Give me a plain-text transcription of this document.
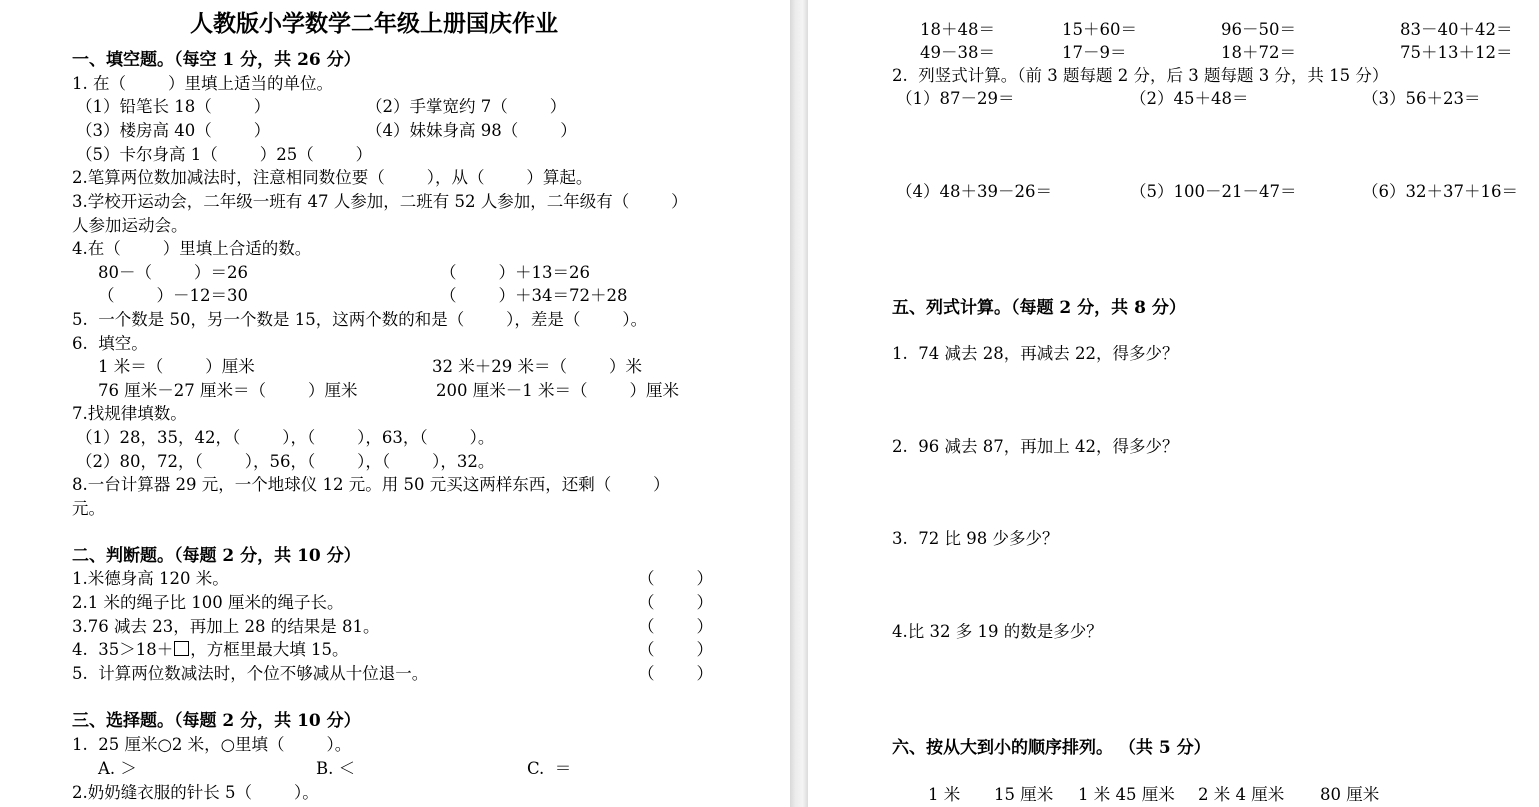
人教版小学数学二年级上册国庆作业
一、填空题。（每空 1 分，共 26 分）
1. 在（        ）里填上适当的单位。
（1）铅笔长 18（        ）	（2）手掌宽约 7（        ）
（3）楼房高 40（        ）	（4）妹妹身高 98（        ）
（5）卡尔身高 1（        ）25（        ）
2.笔算两位数加减法时，注意相同数位要（        ），从（        ）算起。
3.学校开运动会，二年级一班有 47 人参加，二班有 52 人参加，二年级有（        ）
人参加运动会。
4.在（        ）里填上合适的数。
80－（        ）＝26	（        ）＋13＝26
（        ）－12＝30	（        ）＋34＝72＋28
5.  一个数是 50，另一个数是 15，这两个数的和是（        ），差是（        ）。
6.  填空。
1 米＝（        ）厘米	32 米＋29 米＝（        ）米
76 厘米－27 厘米＝（        ）厘米	200 厘米－1 米＝（        ）厘米
7.找规律填数。
（1）28，35，42，（        ），（        ），63，（        ）。
（2）80，72，（        ），56，（        ），（        ），32。
8.一台计算器 29 元，一个地球仪 12 元。用 50 元买这两样东西，还剩（        ）
元。
二、判断题。（每题 2 分，共 10 分）
1.米德身高 120 米。	（        ）
2.1 米的绳子比 100 厘米的绳子长。	（        ）
3.76 减去 23，再加上 28 的结果是 81。	（        ）
4.  35＞18＋ ，方框里最大填 15。	（        ）
5.  计算两位数减法时，个位不够减从十位退一。	（        ）
三、选择题。（每题 2 分，共 10 分）
1.  25 厘米○2 米，○里填（        ）。
A. ＞	B. ＜	C.  ＝
2.奶奶缝衣服的针长 5（        ）。
18＋48＝	15＋60＝	96－50＝	83－40＋42＝
49－38＝	17－9＝	18＋72＝	75＋13＋12＝
2.  列竖式计算。（前 3 题每题 2 分，后 3 题每题 3 分，共 15 分）
（1）87－29＝	（2）45＋48＝	（3）56＋23＝
（4）48＋39－26＝	（5）100－21－47＝	（6）32＋37＋16＝
五、列式计算。（每题 2 分，共 8 分）
1.  74 减去 28，再减去 22，得多少？
2.  96 减去 87，再加上 42，得多少？
3.  72 比 98 少多少？
4.比 32 多 19 的数是多少？
六、按从大到小的顺序排列。 （共 5 分）
1 米 15 厘米 1 米 45 厘米 2 米 4 厘米 80 厘米
